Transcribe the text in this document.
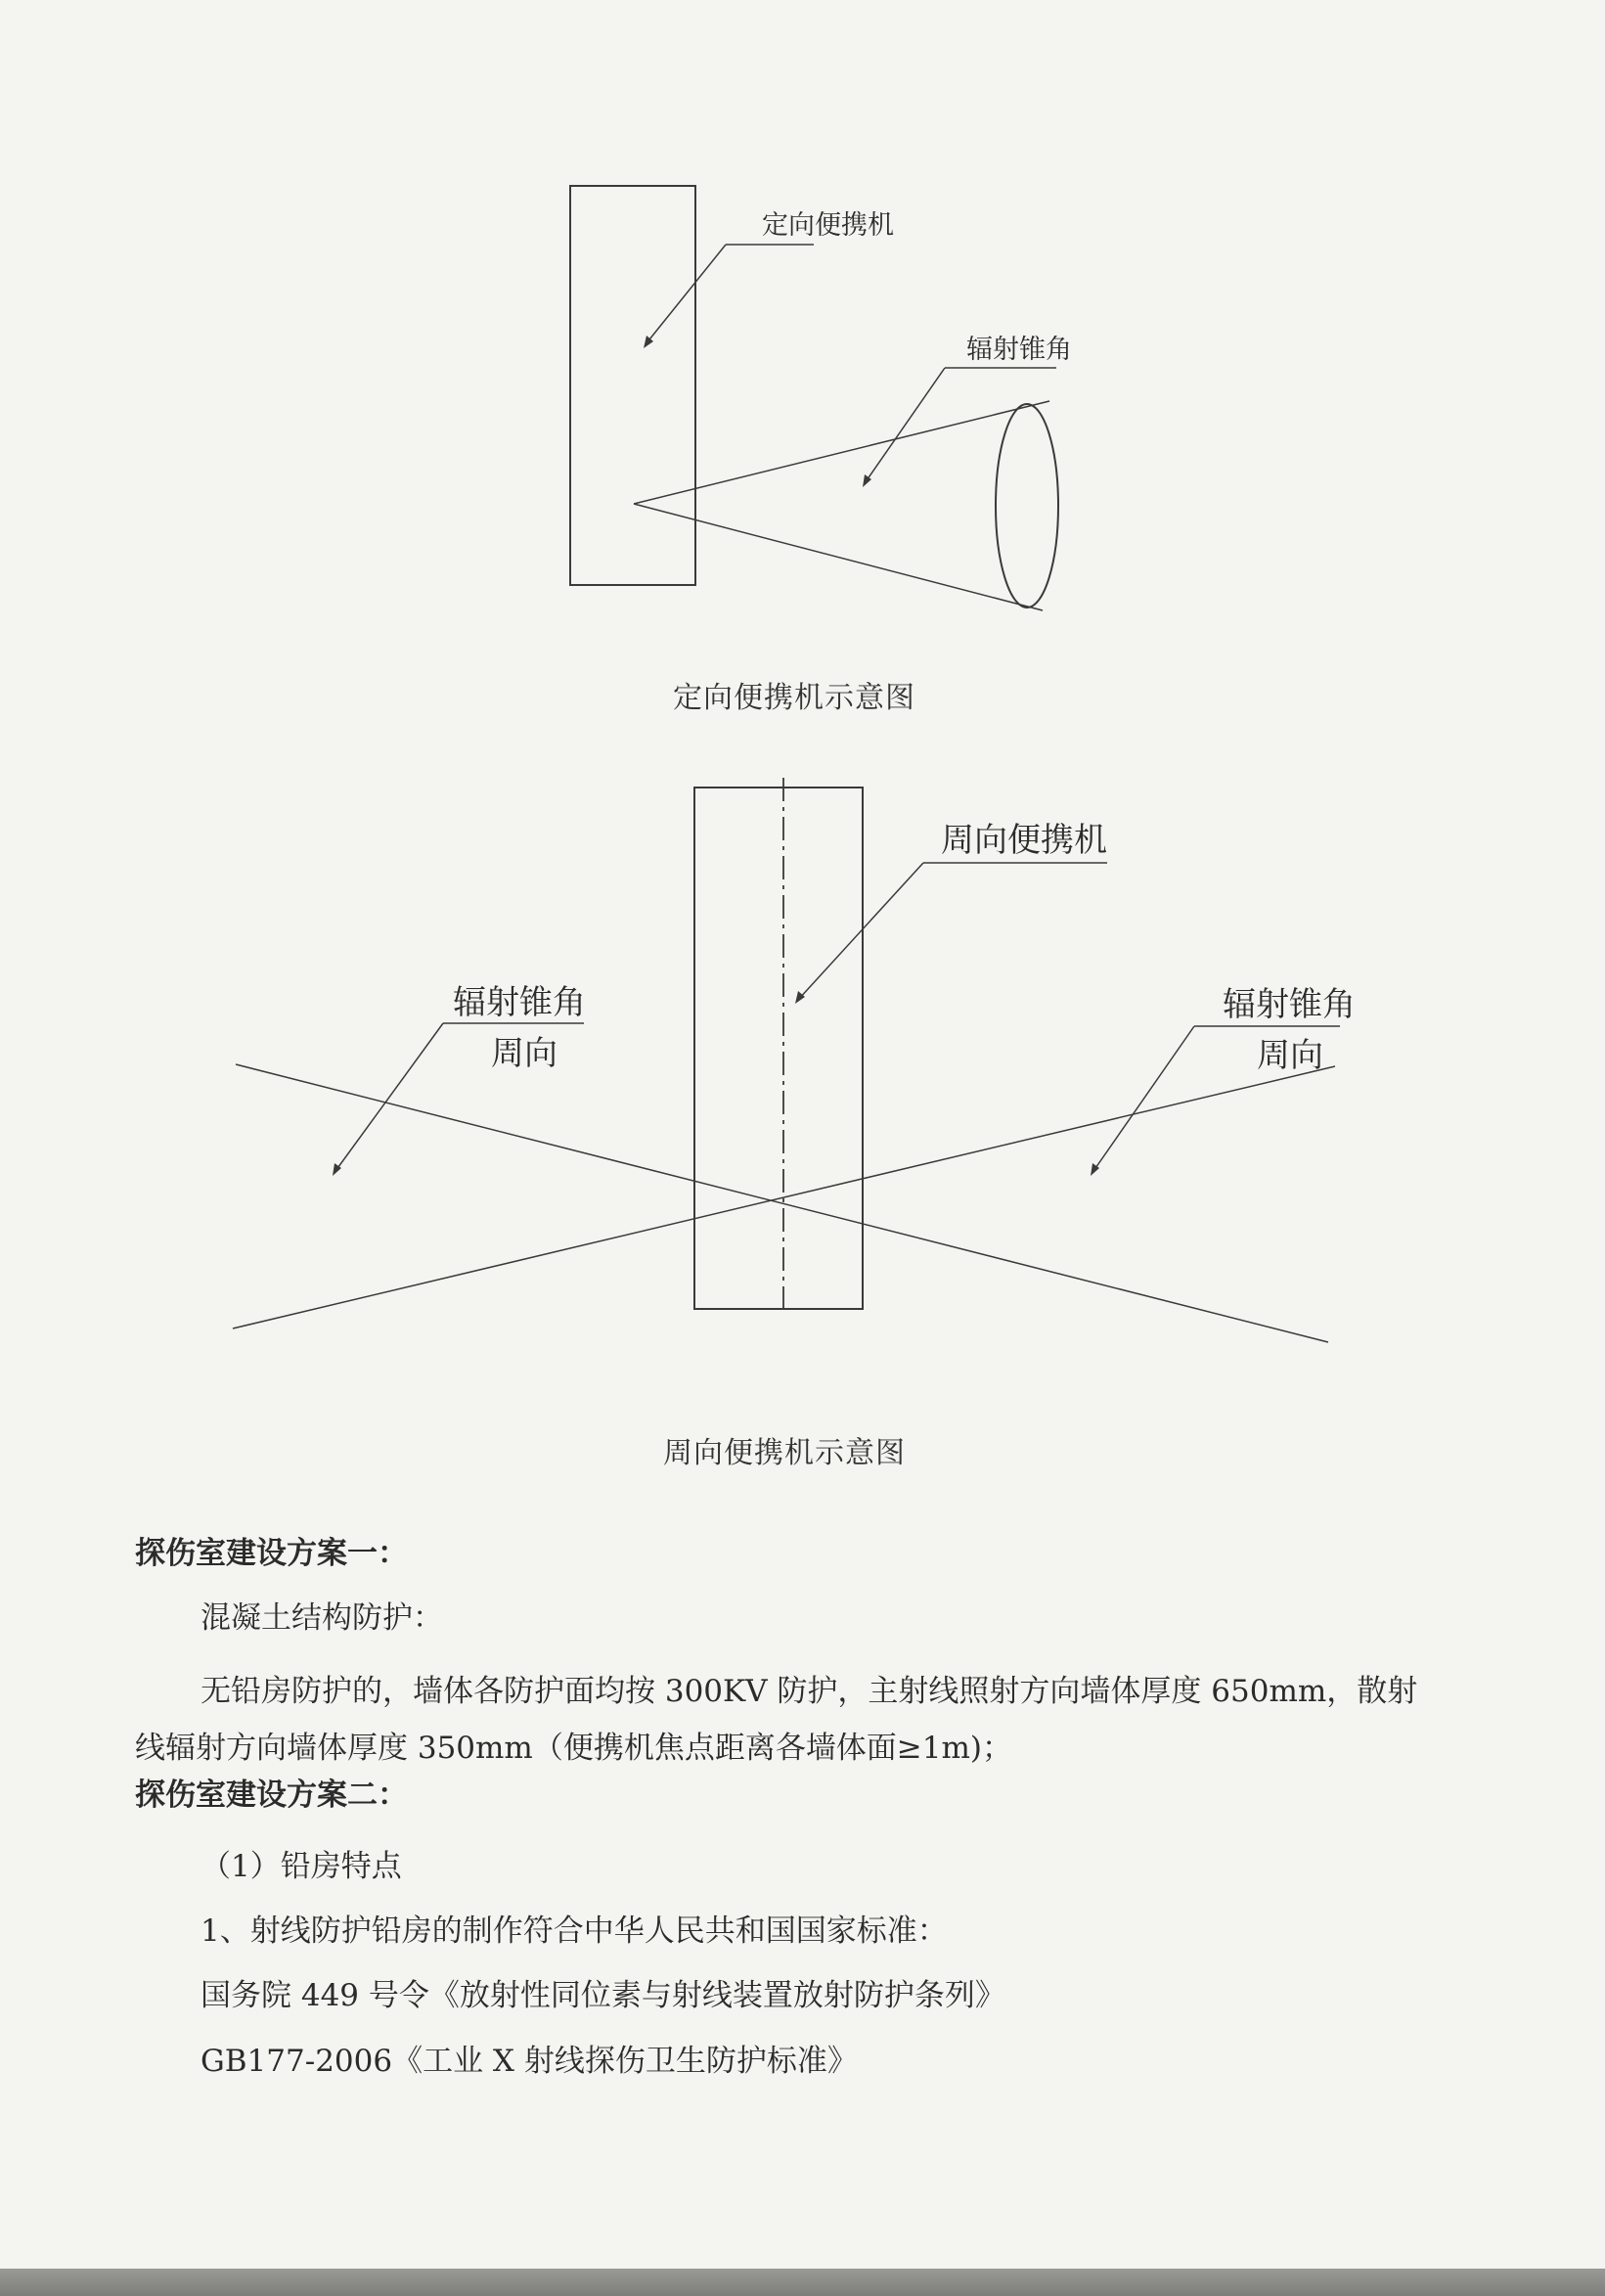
定向便携机
辐射锥角
周向便携机
辐射锥角
周向
辐射锥角
周向
定向便携机示意图
周向便携机示意图
探伤室建设方案一：
混凝土结构防护：
无铅房防护的，墙体各防护面均按 300KV 防护，主射线照射方向墙体厚度 650mm，散射
线辐射方向墙体厚度 350mm（便携机焦点距离各墙体面≥1m)；
探伤室建设方案二：
（1）铅房特点
1、射线防护铅房的制作符合中华人民共和国国家标准：
国务院 449 号令《放射性同位素与射线装置放射防护条列》
GB177-2006《工业 X 射线探伤卫生防护标准》
